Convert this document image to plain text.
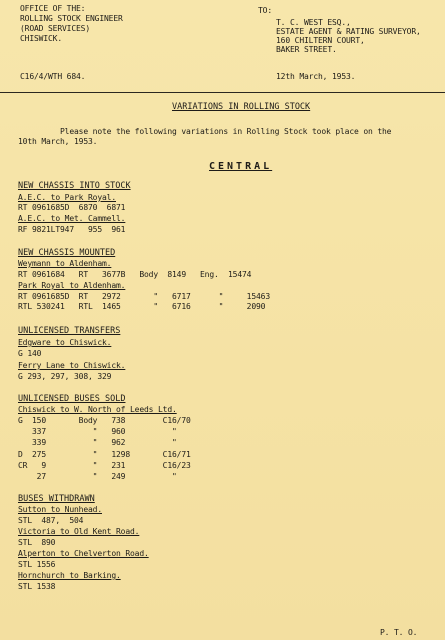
OFFICE OF THE:
ROLLING STOCK ENGINEER
(ROAD SERVICES)
CHISWICK.
TO:
T. C. WEST ESQ.,
ESTATE AGENT & RATING SURVEYOR,
160 CHILTERN COURT,
BAKER STREET.
C16/4/WTH 684.	12th March, 1953.
VARIATIONS IN ROLLING STOCK
Please note the following variations in Rolling Stock took place on the
10th March, 1953.
CENTRAL
NEW CHASSIS INTO STOCK
A.E.C. to Park Royal.
RT 0961685D  6870  6871
A.E.C. to Met. Cammell.
RF 9821LT947   955  961
NEW CHASSIS MOUNTED
Weymann to Aldenham.
RT 0961684   RT   3677B   Body  8149   Eng.  15474
Park Royal to Aldenham.
RT 0961685D  RT   2972       "   6717      "     15463
RTL 530241   RTL  1465       "   6716      "     2090
UNLICENSED TRANSFERS
Edgware to Chiswick.
G 140
Ferry Lane to Chiswick.
G 293, 297, 308, 329
UNLICENSED BUSES SOLD
Chiswick to W. North of Leeds Ltd.
G  150       Body   738        C16/70
337          "   960          "
339          "   962          "
D  275          "   1298       C16/71
CR   9          "   231        C16/23
27          "   249          "
BUSES WITHDRAWN
Sutton to Nunhead.
STL  487,  504
Victoria to Old Kent Road.
STL  890
Alperton to Chelverton Road.
STL 1556
Hornchurch to Barking.
STL 1538
P. T. O.
